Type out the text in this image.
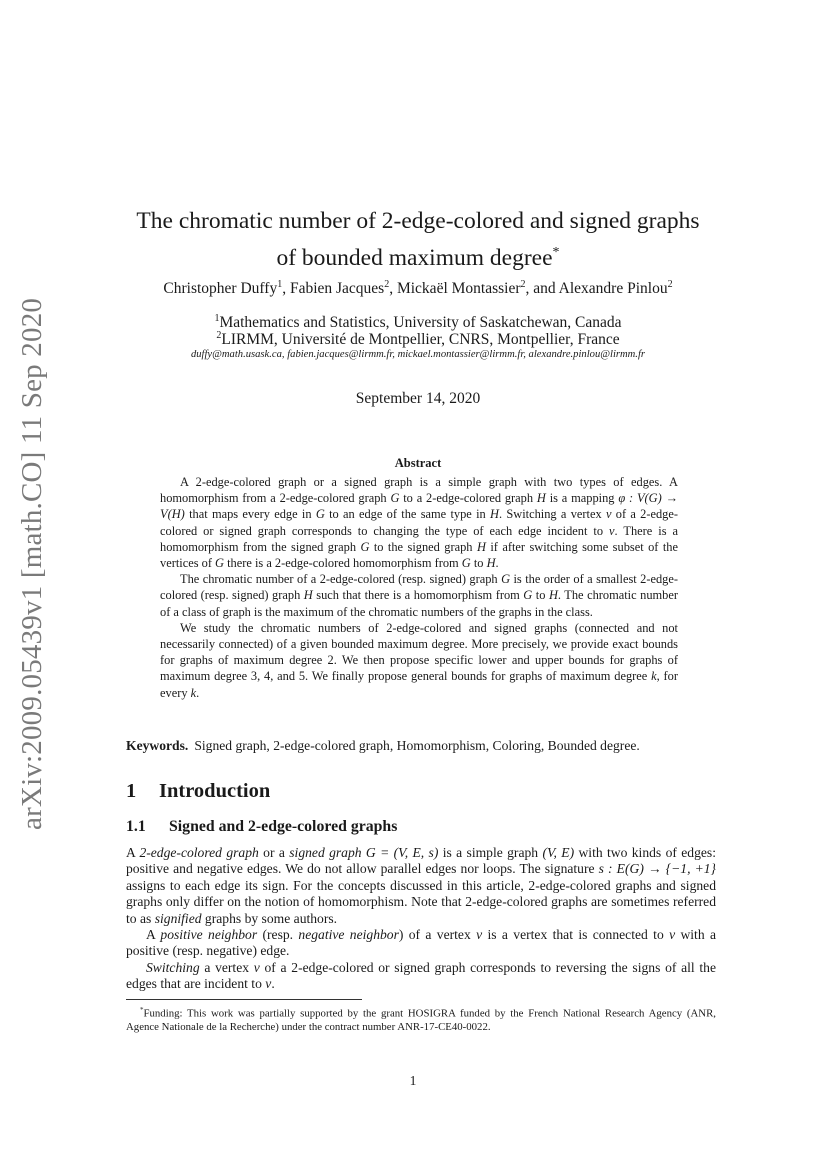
arXiv:2009.05439v1 [math.CO] 11 Sep 2020
The chromatic number of 2-edge-colored and signed graphs
of bounded maximum degree*
Christopher Duffy$^1$, Fabien Jacques$^2$, Mickaël Montassier$^2$, and Alexandre Pinlou$^2$
$^1$Mathematics and Statistics, University of Saskatchewan, Canada
$^2$LIRMM, Université de Montpellier, CNRS, Montpellier, France
duffy@math.usask.ca, fabien.jacques@lirmm.fr, mickael.montassier@lirmm.fr, alexandre.pinlou@lirmm.fr
September 14, 2020
Abstract

A 2-edge-colored graph or a signed graph is a simple graph with two types of edges. A homomorphism from a 2-edge-colored graph G to a 2-edge-colored graph H is a mapping φ : V(G) → V(H) that maps every edge in G to an edge of the same type in H. Switching a vertex v of a 2-edge-colored or signed graph corresponds to changing the type of each edge incident to v. There is a homomorphism from the signed graph G to the signed graph H if after switching some subset of the vertices of G there is a 2-edge-colored homomorphism from G to H.

The chromatic number of a 2-edge-colored (resp. signed) graph G is the order of a smallest 2-edge-colored (resp. signed) graph H such that there is a homomorphism from G to H. The chromatic number of a class of graph is the maximum of the chromatic numbers of the graphs in the class.

We study the chromatic numbers of 2-edge-colored and signed graphs (connected and not necessarily connected) of a given bounded maximum degree. More precisely, we provide exact bounds for graphs of maximum degree 2. We then propose specific lower and upper bounds for graphs of maximum degree 3, 4, and 5. We finally propose general bounds for graphs of maximum degree k, for every k.

Keywords. Signed graph, 2-edge-colored graph, Homomorphism, Coloring, Bounded degree.
1 Introduction
1.1 Signed and 2-edge-colored graphs

A 2-edge-colored graph or a signed graph G = (V, E, s) is a simple graph (V, E) with two kinds of edges: positive and negative edges. We do not allow parallel edges nor loops. The signature s : E(G) → {−1, +1} assigns to each edge its sign. For the concepts discussed in this article, 2-edge-colored graphs and signed graphs only differ on the notion of homomorphism. Note that 2-edge-colored graphs are sometimes referred to as signified graphs by some authors.

A positive neighbor (resp. negative neighbor) of a vertex v is a vertex that is connected to v with a positive (resp. negative) edge.

Switching a vertex v of a 2-edge-colored or signed graph corresponds to reversing the signs of all the edges that are incident to v.

*Funding: This work was partially supported by the grant HOSIGRA funded by the French National Research Agency (ANR, Agence Nationale de la Recherche) under the contract number ANR-17-CE40-0022.
1
